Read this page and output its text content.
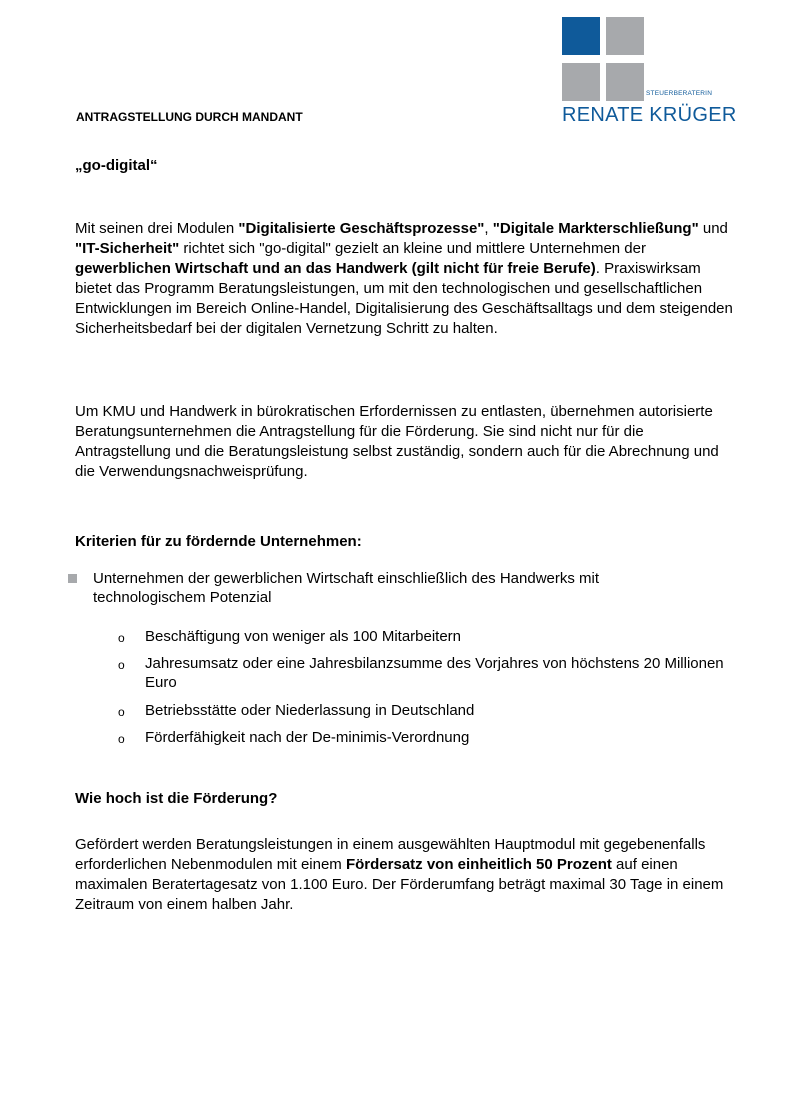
STEUERBERATERIN
RENATE KRÜGER
ANTRAGSTELLUNG DURCH MANDANT
„go-digital“
Mit seinen drei Modulen "Digitalisierte Geschäftsprozesse", "Digitale Markterschließung" und "IT-Sicherheit" richtet sich "go-digital" gezielt an kleine und mittlere Unternehmen der gewerblichen Wirtschaft und an das Handwerk (gilt nicht für freie Berufe). Praxiswirksam bietet das Programm Beratungsleistungen, um mit den technologischen und gesellschaftlichen Entwicklungen im Bereich Online-Handel, Digitalisierung des Geschäftsalltags und dem steigenden Sicherheitsbedarf bei der digitalen Vernetzung Schritt zu halten.
Um KMU und Handwerk in bürokratischen Erfordernissen zu entlasten, übernehmen autorisierte Beratungsunternehmen die Antragstellung für die Förderung. Sie sind nicht nur für die Antragstellung und die Beratungsleistung selbst zuständig, sondern auch für die Abrechnung und die Verwendungsnachweisprüfung.
Kriterien für zu fördernde Unternehmen:
Unternehmen der gewerblichen Wirtschaft einschließlich des Handwerks mit technologischem Potenzial
o Beschäftigung von weniger als 100 Mitarbeitern
o Jahresumsatz oder eine Jahresbilanzsumme des Vorjahres von höchstens 20 Millionen Euro
o Betriebsstätte oder Niederlassung in Deutschland
o Förderfähigkeit nach der De-minimis-Verordnung
Wie hoch ist die Förderung?
Gefördert werden Beratungsleistungen in einem ausgewählten Hauptmodul mit gegebenenfalls erforderlichen Nebenmodulen mit einem Fördersatz von einheitlich 50 Prozent auf einen maximalen Beratertagesatz von 1.100 Euro. Der Förderumfang beträgt maximal 30 Tage in einem Zeitraum von einem halben Jahr.
